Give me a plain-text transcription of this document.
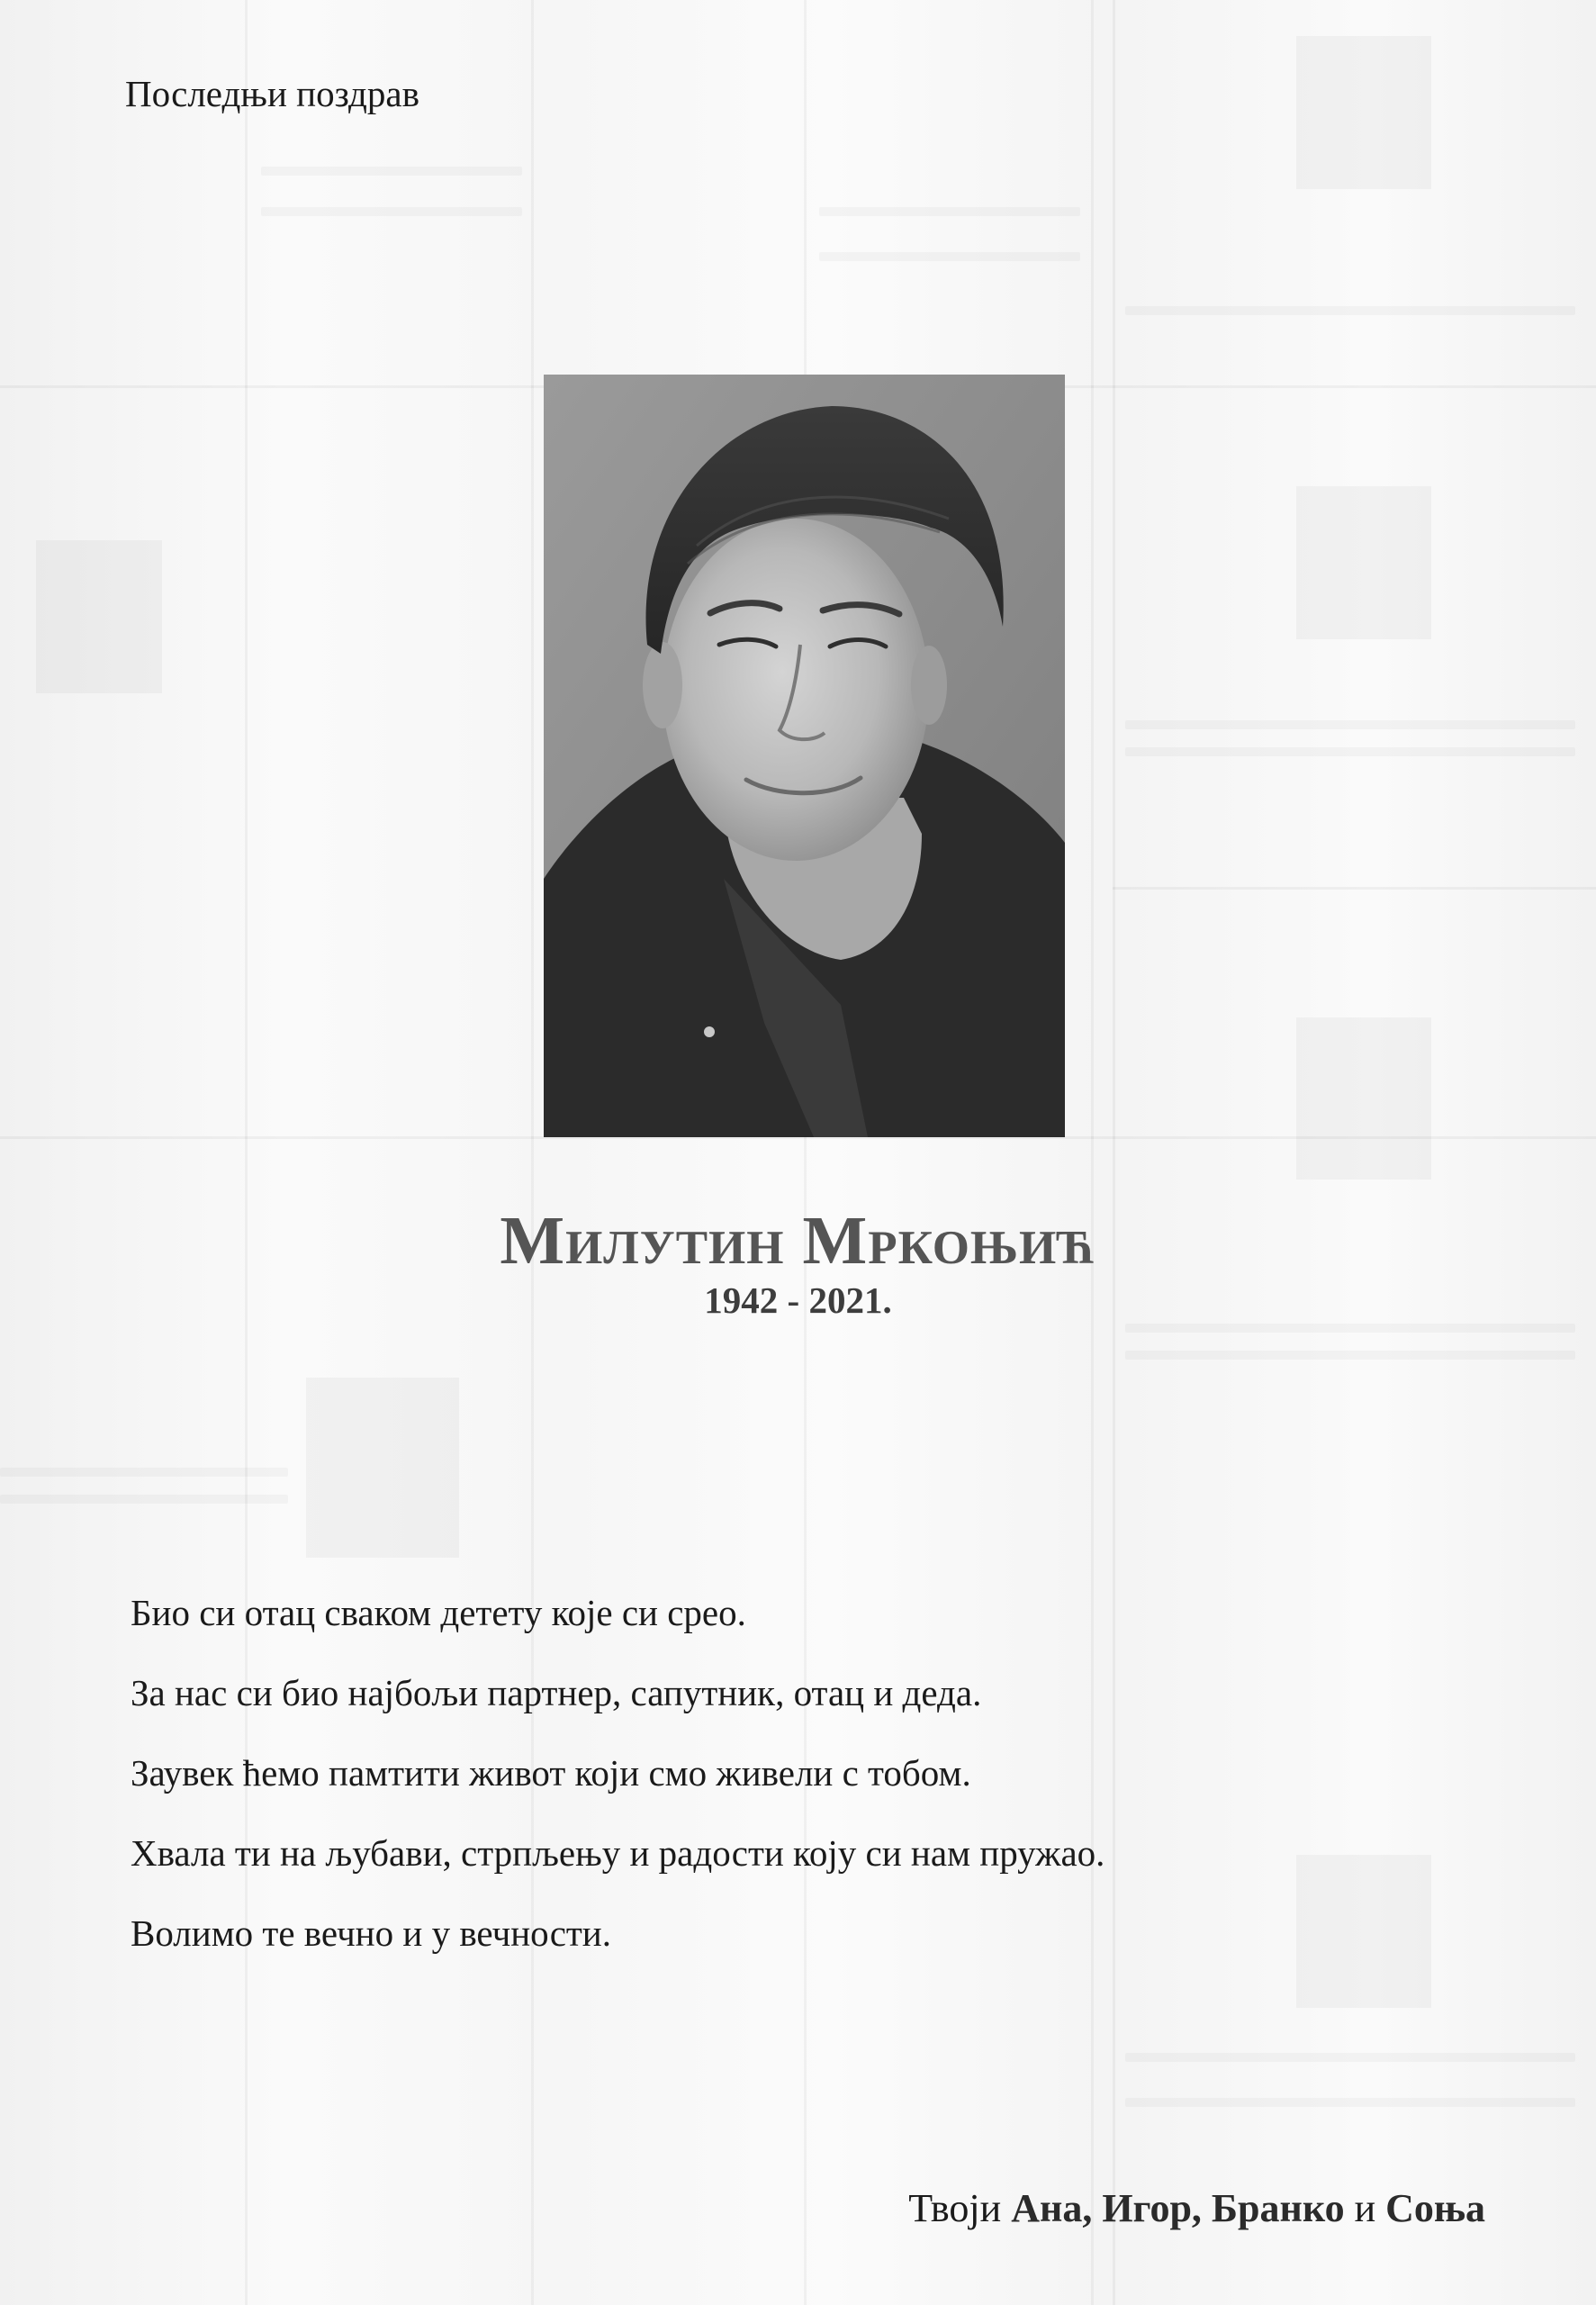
Последњи поздрав
Милутин Мркоњић

1942 - 2021.

Био си отац сваком детету које си срео.
За нас си био најбољи партнер, сапутник, отац и деда.
Заувек ћемо памтити живот који смо живели с тобом.
Хвала ти на љубави, стрпљењу и радости коју си нам пружао.
Волимо те вечно и у вечности.

Твоји Ана, Игор, Бранко и Соња
